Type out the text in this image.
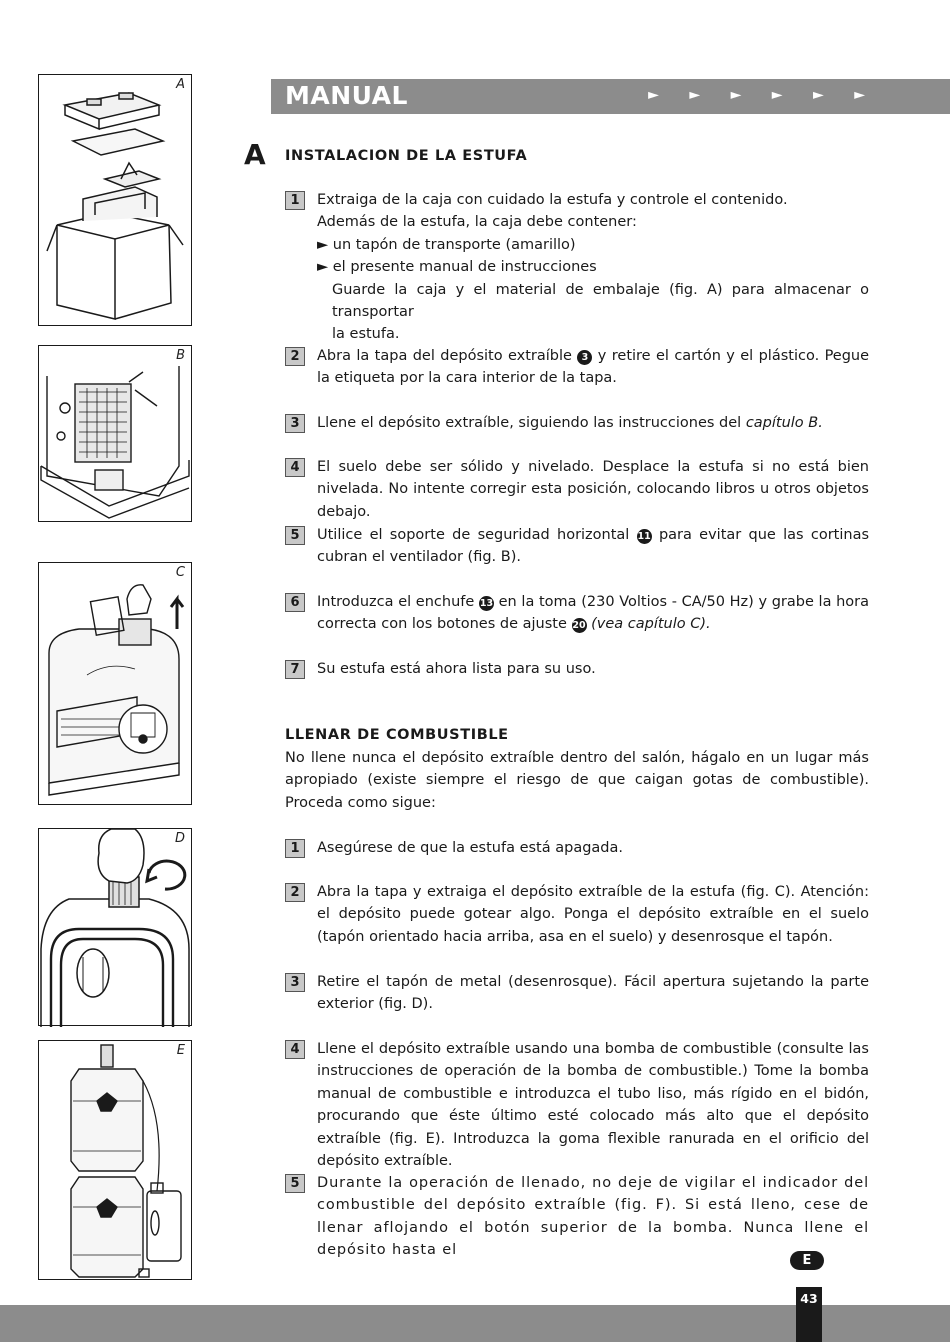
A
B
C
D
E
MANUAL	► ► ► ► ► ►
A INSTALACION DE LA ESTUFA
1	Extraiga de la caja con cuidado la estufa y controle el contenido.
Además de la estufa, la caja debe contener:
► un tapón de transporte (amarillo)
► el presente manual de instrucciones
Guarde la caja y el material de embalaje (fig. A) para almacenar o transportar
la estufa.
2	Abra la tapa del depósito extraíble 3 y retire el cartón y el plástico. Pegue la etiqueta por la cara interior de la tapa.
3	Llene el depósito extraíble, siguiendo las instrucciones del capítulo B.
4	El suelo debe ser sólido y nivelado. Desplace la estufa si no está bien nivelada. No intente corregir esta posición, colocando libros u otros objetos debajo.
5	Utilice el soporte de seguridad horizontal 11 para evitar que las cortinas cubran el ventilador (fig. B).
6	Introduzca el enchufe 13 en la toma (230 Voltios - CA/50 Hz) y grabe la hora correcta con los botones de ajuste 20 (vea capítulo C).
7	Su estufa está ahora lista para su uso.
LLENAR DE COMBUSTIBLE
No llene nunca el depósito extraíble dentro del salón, hágalo en un lugar más apropiado (existe siempre el riesgo de que caigan gotas de combustible). Proceda como sigue:
1	Asegúrese de que la estufa está apagada.
2	Abra la tapa y extraiga el depósito extraíble de la estufa (fig. C). Atención: el depósito puede gotear algo. Ponga el depósito extraíble en el suelo (tapón orientado hacia arriba, asa en el suelo) y desenrosque el tapón.
3	Retire el tapón de metal (desenrosque). Fácil apertura sujetando la parte exterior (fig. D).
4	Llene el depósito extraíble usando una bomba de combustible (consulte las instrucciones de operación de la bomba de combustible.) Tome la bomba manual de combustible e introduzca el tubo liso, más rígido en el bidón, procurando que éste último esté colocado más alto que el depósito extraíble (fig. E). Introduzca la goma flexible ranurada en el orificio del depósito extraíble.
5	Durante la operación de llenado, no deje de vigilar el indicador del combustible del depósito extraíble (fig. F). Si está lleno, cese de llenar aflojando el botón superior de la bomba. Nunca llene el depósito hasta el
E
43
